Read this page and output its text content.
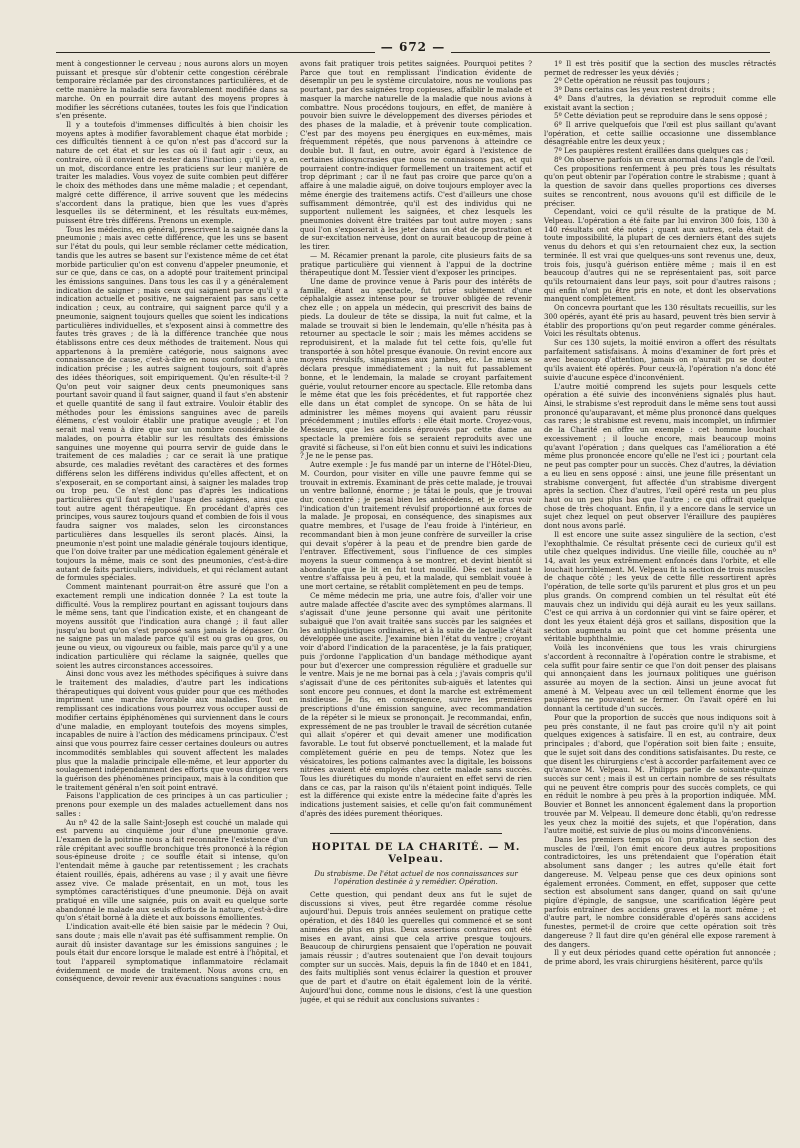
— 672 —

ment à congestionner le cerveau ; nous aurons alors un moyen puissant et presque sûr d'obtenir cette congestion cérébrale temporaire réclamée par des circonstances particulières, et de cette manière la maladie sera favorablement modifiée dans sa marche. On en pourrait dire autant des moyens propres à modifier les sécrétions cutanées, toutes les fois que l'indication s'en présente.

Il y a toutefois d'immenses difficultés à bien choisir les moyens aptes à modifier favorablement chaque état morbide ; ces difficultés tiennent à ce qu'on n'est pas d'accord sur la nature de cet état et sur les cas où il faut agir : ceux, au contraire, où il convient de rester dans l'inaction ; qu'il y a, en un mot, discordance entre les praticiens sur leur manière de traiter les maladies. Vous voyez de suite combien peut différer le choix des méthodes dans une même maladie ; et cependant, malgré cette différence, il arrive souvent que les médecins s'accordent dans la pratique, bien que les vues d'après lesquelles ils se déterminent, et les résultats eux-mêmes, puissent être très différens. Prenons un exemple.

Tous les médecins, en général, prescrivent la saignée dans la pneumonie ; mais avec cette différence, que les uns se basent sur l'état du pouls, qui leur semble réclamer cette médication, tandis que les autres se basent sur l'existence même de cet état morbide particulier qu'on est convenu d'appeler pneumonie, et sur ce que, dans ce cas, on a adopté pour traitement principal les émissions sanguines. Dans tous les cas il y a généralement indication de saigner ; mais ceux qui saignent parce qu'il y a indication actuelle et positive, ne saigneraient pas sans cette indication ; ceux, au contraire, qui saignent parce qu'il y a pneumonie, saignent toujours quelles que soient les indications particulières individuelles, et s'exposent ainsi à commettre des fautes très graves ; de là la différence tranchée que nous établissons entre ces deux méthodes de traitement. Nous qui appartenons à la première catégorie, nous saignons avec connaissance de cause, c'est-à-dire en nous conformant à une indication précise ; les autres saignent toujours, soit d'après des idées théoriques, soit empiriquement. Qu'en résulte-t-il ? Qu'on peut voir saigner deux cents pneumoniques sans pourtant savoir quand il faut saigner, quand il faut s'en abstenir et quelle quantité de sang il faut extraire. Vouloir établir des méthodes pour les émissions sanguines avec de pareils élémens, c'est vouloir établir une pratique aveugle ; et l'on serait mal venu à dire que sur un nombre considérable de malades, on pourra établir sur les résultats des émissions sanguines une moyenne qui pourra servir de guide dans le traitement de ces maladies ; car ce serait là une pratique absurde, ces maladies revêtant des caractères et des formes différens selon les différens individus qu'elles affectent, et on s'exposerait, en se comportant ainsi, à saigner les malades trop ou trop peu. Ce n'est donc pas d'après les indications particulières qu'il faut régler l'usage des saignées, ainsi que tout autre agent thérapeutique. En procédant d'après ces principes, vous saurez toujours quand et combien de fois il vous faudra saigner vos malades, selon les circonstances particulières dans lesquelles ils seront placés. Ainsi, la pneumonie n'est point une maladie générale toujours identique, que l'on doive traiter par une médication également générale et toujours la même, mais ce sont des pneumonies, c'est-à-dire autant de faits particuliers, individuels, et qui réclament autant de formules spéciales.

Comment maintenant pourrait-on être assuré que l'on a exactement rempli une indication donnée ? La est toute la difficulté. Vous la remplirez pourtant en agissant toujours dans le même sens, tant que l'indication existe, et en changeant de moyens aussitôt que l'indication aura changé ; il faut aller jusqu'au bout qu'on s'est proposé sans jamais le dépasser. On ne saigne pas un malade parce qu'il est ou gras ou gros, ou jeune ou vieux, ou vigoureux ou faible, mais parce qu'il y a une indication particulière qui réclame la saignée, quelles que soient les autres circonstances accessoires.

Ainsi donc vous avez les méthodes spécifiques à suivre dans le traitement des maladies, d'autre part les indications thérapeutiques qui doivent vous guider pour que ces méthodes impriment une marche favorable aux maladies. Tout en remplissant ces indications vous pourrez vous occuper aussi de modifier certains épiphénomènes qui surviennent dans le cours d'une maladie, en employant toutefois des moyens simples, incapables de nuire à l'action des médicamens principaux. C'est ainsi que vous pourrez faire cesser certaines douleurs ou autres incommodités semblables qui souvent affectent les malades plus que la maladie principale elle-même, et leur apporter du soulagement indépendamment des efforts que vous dirigez vers la guérison des phénomènes principaux, mais à la condition que le traitement général n'en soit point entravé.

Faisons l'application de ces principes à un cas particulier ; prenons pour exemple un des malades actuellement dans nos salles :

Au nº 42 de la salle Saint-Joseph est couché un malade qui est parvenu au cinquième jour d'une pneumonie grave. L'examen de la poitrine nous a fait reconnaître l'existence d'un râle crépitant avec souffle bronchique très prononcé à la région sous-épineuse droite ; ce souffle était si intense, qu'on l'entendait même à gauche par retentissement ; les crachats étaient rouillés, épais, adhérens au vase ; il y avait une fièvre assez vive. Ce malade présentait, en un mot, tous les symptômes caractéristiques d'une pneumonie. Déjà on avait pratiqué en ville une saignée, puis on avait eu quelque sorte abandonné le malade aux seuls efforts de la nature, c'est-à-dire qu'on s'était borné à la diète et aux boissons émollientes.

L'indication avait-elle été bien saisie par le médecin ? Oui, sans doute ; mais elle n'avait pas été suffisamment remplie. On aurait dû insister davantage sur les émissions sanguines ; le pouls était dur encore lorsque le malade est entré à l'hôpital, et tout l'appareil symptomatique inflammatoire réclamait évidemment ce mode de traitement. Nous avons cru, en conséquence, devoir revenir aux évacuations sanguines : nous

avons fait pratiquer trois petites saignées. Pourquoi petites ? Parce que tout en remplissant l'indication évidente de désemplir un peu le système circulatoire, nous ne voulions pas pourtant, par des saignées trop copieuses, affaiblir le malade et masquer la marche naturelle de la maladie que nous avions à combattre. Nous procédons toujours, en effet, de manière à pouvoir bien suivre le développement des diverses périodes et des phases de la maladie, et à prévenir toute complication. C'est par des moyens peu énergiques en eux-mêmes, mais fréquemment répétés, que nous parvenons à atteindre ce double but. Il faut, en outre, avoir égard à l'existence de certaines idiosyncrasies que nous ne connaissons pas, et qui pourraient contre-indiquer formellement un traitement actif et trop déprimant ; car il ne faut pas croire que parce qu'on a affaire à une maladie aiguë, on doive toujours employer avec la même énergie des traitemens actifs. C'est d'ailleurs une chose suffisamment démontrée, qu'il est des individus qui ne supportent nullement les saignées, et chez lesquels les pneumonies doivent être traitées par tout autre moyen ; sans quoi l'on s'exposerait à les jeter dans un état de prostration et de sur-excitation nerveuse, dont on aurait beaucoup de peine à les tirer.

— M. Récamier prenant la parole, cite plusieurs faits de sa pratique particulière qui viennent à l'appui de la doctrine thérapeutique dont M. Tessier vient d'exposer les principes.

Une dame de province venue à Paris pour des intérêts de famille, étant au spectacle, fut prise subitement d'une céphalalgie assez intense pour se trouver obligée de revenir chez elle ; on appela un médecin, qui prescrivit des bains de pieds. La douleur de tête se dissipa, la nuit fut calme, et la malade se trouvait si bien le lendemain, qu'elle n'hésita pas à retourner au spectacle le soir ; mais les mêmes accidens se reproduisirent, et la malade fut tel cette fois, qu'elle fut transportée à son hôtel presque évanouie. On revint encore aux moyens révulsifs, sinapismes aux jambes, etc. Le mieux se déclara presque immédiatement ; la nuit fut passablement bonne, et le lendemain, la malade se croyant parfaitement guérie, voulut retourner encore au spectacle. Elle retomba dans le même état que les fois précédentes, et fut rapportée chez elle dans un état complet de syncope. On se hâta de lui administrer les mêmes moyens qui avaient paru réussir précédemment ; inutiles efforts : elle était morte. Croyez-vous, Messieurs, que les accidens éprouvés par cette dame au spectacle la première fois se seraient reproduits avec une gravité si fâcheuse, si l'on eût bien connu et suivi les indications ? Je ne le pense pas.

Autre exemple : Je fus mandé par un interne de l'Hôtel-Dieu, M. Courdon, pour visiter en ville une pauvre femme qui se trouvait in extremis. Examinant de près cette malade, je trouvai un ventre ballonné, énorme ; je tâtai le pouls, que je trouvai dur, concentré ; je pesai bien les antécédens, et je crus voir l'indication d'un traitement révulsif proportionné aux forces de la malade. Je proposai, en conséquence, des sinapismes aux quatre membres, et l'usage de l'eau froide à l'intérieur, en recommandant bien à mon jeune confrère de surveiller la crise qui devait s'opérer à la peau et de prendre bien garde de l'entraver. Effectivement, sous l'influence de ces simples moyens la sueur commença à se montrer, et devint bientôt si abondante que le lit en fut tout mouillé. Dès cet instant le ventre s'affaissa peu à peu, et la malade, qui semblait vouée à une mort certaine, se rétablit complètement en peu de temps.

Ce même médecin me pria, une autre fois, d'aller voir une autre malade affectée d'ascite avec des symptômes alarmans. Il s'agissait d'une jeune personne qui avait une péritonite subaiguë que l'on avait traitée sans succès par les saignées et les antiphlogistiques ordinaires, et à la suite de laquelle s'était développée une ascite. J'examine bien l'état du ventre ; croyant voir d'abord l'indication de la paracentèse, je la fais pratiquer, puis j'ordonne l'application d'un bandage méthodique ayant pour but d'exercer une compression régulière et graduelle sur le ventre. Mais je ne me bornai pas à cela ; j'avais compris qu'il s'agissait d'une de ces péritonites sub-aiguës et latentes qui sont encore peu connues, et dont la marche est extrêmement insidieuse. Je fis, en conséquence, suivre les premières prescriptions d'une émission sanguine, avec recommandation de la répéter si le mieux se prononçait. Je recommandai, enfin, expressément de ne pas troubler le travail de sécrétion cutanée qui allait s'opérer et qui devait amener une modification favorable. Le tout fut observé ponctuellement, et la malade fut complètement guérie en peu de temps. Notez que les vésicatoires, les potions calmantes avec la digitale, les boissons nitrées avaient été employés chez cette malade sans succès. Tous les diurétiques du monde n'auraient en effet servi de rien dans ce cas, par la raison qu'ils n'étaient point indiqués. Telle est la différence qui existe entre la médecine faite d'après les indications justement saisies, et celle qu'on fait communément d'après des idées purement théoriques.

HOPITAL DE LA CHARITÉ. — M. Velpeau.
Du strabisme. De l'état actuel de nos connaissances sur l'opération destinée à y remédier. Opération.

Cette question, qui pendant deux ans fut le sujet de discussions si vives, peut être regardée comme résolue aujourd'hui. Depuis trois années seulement on pratique cette opération, et dès 1840 les querelles qui commencé et se sont animées de plus en plus. Deux assertions contraires ont été mises en avant, ainsi que cela arrive presque toujours. Beaucoup de chirurgiens pensaient que l'opération ne pouvait jamais réussir ; d'autres soutenaient que l'on devait toujours compter sur un succès. Mais, depuis la fin de 1840 et en 1841, des faits multipliés sont venus éclairer la question et prouver que de part et d'autre on était également loin de la vérité. Aujourd'hui donc, comme nous le disions, c'est là une question jugée, et qui se réduit aux conclusions suivantes :

1º Il est très positif que la section des muscles rétractés permet de redresser les yeux déviés ;

2º Cette opération ne réussit pas toujours ;

3º Dans certains cas les yeux restent droits ;

4º Dans d'autres, la déviation se reproduit comme elle existait avant la section ;

5º Cette déviation peut se reproduire dans le sens opposé ;

6º Il arrive quelquefois que l'œil est plus saillant qu'avant l'opération, et cette saillie occasionne une dissemblance désagréable entre les deux yeux ;

7º Les paupières restent éraillées dans quelques cas ;

8º On observe parfois un creux anormal dans l'angle de l'œil.

Ces propositions renferment à peu près tous les résultats qu'on peut obtenir par l'opération contre le strabisme ; quant à la question de savoir dans quelles proportions ces diverses suites se rencontrent, nous avouons qu'il est difficile de le préciser.

Cependant, voici ce qu'il résulte de la pratique de M. Velpeau. L'opération a été faite par lui environ 300 fois, 130 à 140 résultats ont été notés ; quant aux autres, cela était de toute impossibilité, la plupart de ces derniers étant des sujets venus du dehors et qui s'en retournaient chez eux, la section terminée. Il est vrai que quelques-uns sont revenus une, deux, trois fois, jusqu'à guérison entière même ; mais il en est beaucoup d'autres qui ne se représentaient pas, soit parce qu'ils retournaient dans leur pays, soit pour d'autres raisons ; qui enfin n'ont pu être pris en note, et dont les observations manquent complètement.

On concevra pourtant que les 130 résultats recueillis, sur les 300 opérés, ayant été pris au hasard, peuvent très bien servir à établir des proportions qu'on peut regarder comme générales. Voici les résultats obtenus.

Sur ces 130 sujets, la moitié environ a offert des résultats parfaitement satisfaisans. À moins d'examiner de fort près et avec beaucoup d'attention, jamais on n'aurait pu se douter qu'ils avaient été opérés. Pour ceux-là, l'opération n'a donc été suivie d'aucune espèce d'inconvénient.

L'autre moitié comprend les sujets pour lesquels cette opération a été suivie des inconvéniens signalés plus haut. Ainsi, le strabisme s'est reproduit dans le même sens tout aussi prononcé qu'auparavant, et même plus prononcé dans quelques cas rares ; le strabisme est revenu, mais incomplet, un infirmier de la Charité en offre un exemple : cet homme louchait excessivement ; il louche encore, mais beaucoup moins qu'avant l'opération ; dans quelques cas l'amélioration a été même plus prononcée encore qu'elle ne l'est ici ; pourtant cela ne peut pas compter pour un succès. Chez d'autres, la déviation a eu lieu en sens opposé : ainsi, une jeune fille présentant un strabisme convergent, fut affectée d'un strabisme divergent après la section. Chez d'autres, l'œil opéré resta un peu plus haut ou un peu plus bas que l'autre ; ce qui offrait quelque chose de très choquant. Enfin, il y a encore dans le service un sujet chez lequel on peut observer l'éraillure des paupières dont nous avons parlé.

Il est encore une suite assez singulière de la section, c'est l'exophthalmie. Ce résultat présente ceci de curieux qu'il est utile chez quelques individus. Une vieille fille, couchée au nº 14, avait les yeux extrêmement enfoncés dans l'orbite, et elle louchait horriblement. M. Velpeau fit la section de trois muscles de chaque côté ; les yeux de cette fille ressortirent après l'opération, de telle sorte qu'ils parurent et plus gros et un peu plus grands. On comprend combien un tel résultat eût été mauvais chez un individu qui déjà aurait eu les yeux saillans. C'est ce qui arriva à un cordonnier qui vint se faire opérer, et dont les yeux étaient déjà gros et saillans, disposition que la section augmenta au point que cet homme présenta une véritable buphthalmie.

Voilà les inconvéniens que tous les vrais chirurgiens s'accordent à reconnaître à l'opération contre le strabisme, et cela suffit pour faire sentir ce que l'on doit penser des plaisans qui annonçaient dans les journaux politiques une guérison assurée au moyen de la section. Ainsi un jeune avocat fut amené à M. Velpeau avec un œil tellement énorme que les paupières ne pouvaient se fermer. On l'avait opéré en lui donnant la certitude d'un succès.

Pour que la proportion de succès que nous indiquons soit à peu près constante, il ne faut pas croire qu'il n'y ait point quelques exigences à satisfaire. Il en est, au contraire, deux principales ; d'abord, que l'opération soit bien faite ; ensuite, que le sujet soit dans des conditions satisfaisantes. Du reste, ce que disent les chirurgiens c'est à accorder parfaitement avec ce qu'avance M. Velpeau. M. Philipps parle de soixante-quinze succès sur cent ; mais il est un certain nombre de ses résultats qui ne peuvent être compris pour des succès complets, ce qui en réduit le nombre à peu près à la proportion indiquée. MM. Bouvier et Bonnet les annoncent également dans la proportion trouvée par M. Velpeau. Il demeure donc établi, qu'on redresse les yeux chez la moitié des sujets, et que l'opération, dans l'autre moitié, est suivie de plus ou moins d'inconvéniens.

Dans les premiers temps où l'on pratiqua la section des muscles de l'œil, l'on émit encore deux autres propositions contradictoires, les uns prétendaient que l'opération était absolument sans danger ; les autres qu'elle était fort dangereuse. M. Velpeau pense que ces deux opinions sont également erronées. Comment, en effet, supposer que cette section est absolument sans danger, quand on sait qu'une piqûre d'épingle, de sangsue, une scarification légère peut parfois entraîner des accidens graves et la mort même ; et d'autre part, le nombre considérable d'opérés sans accidens funestes, permet-il de croire que cette opération soit très dangereuse ? Il faut dire qu'en général elle expose rarement à des dangers.

Il y eut deux périodes quand cette opération fut annoncée ; de prime abord, les vrais chirurgiens hésitèrent, parce qu'ils
